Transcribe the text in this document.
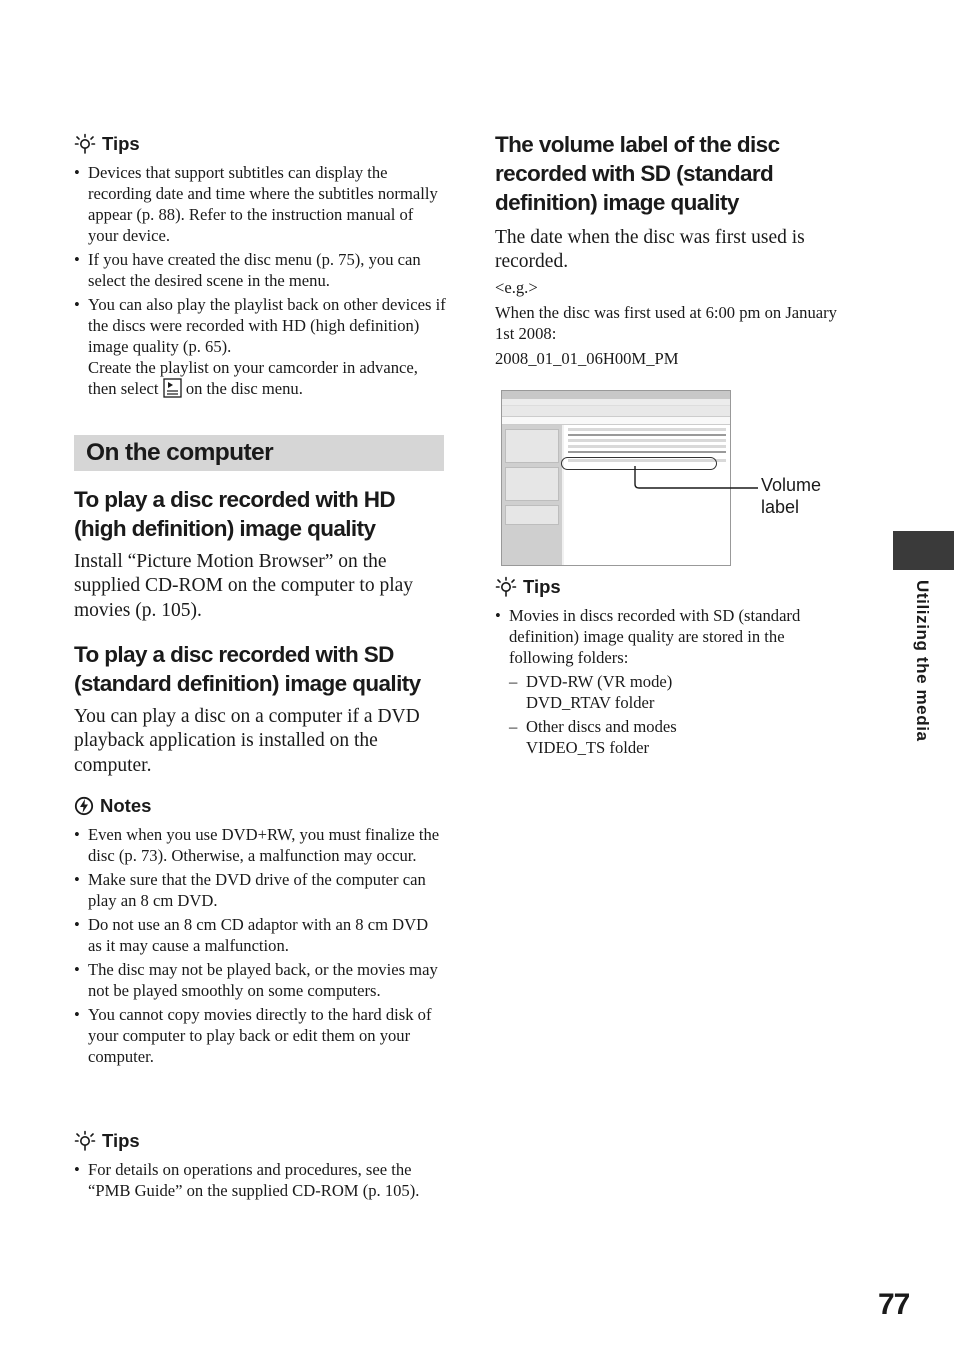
Tips
• Devices that support subtitles can display the recording date and time where the subtitles normally appear (p. 88). Refer to the instruction manual of your device.
• If you have created the disc menu (p. 75), you can select the desired scene in the menu.
• You can also play the playlist back on other devices if the discs were recorded with HD (high definition) image quality (p. 65).
Create the playlist on your camcorder in advance, then select on the disc menu.
On the computer
To play a disc recorded with HD (high definition) image quality
Install “Picture Motion Browser” on the supplied CD-ROM on the computer to play movies (p. 105).
To play a disc recorded with SD (standard definition) image quality
You can play a disc on a computer if a DVD playback application is installed on the computer.
Notes
• Even when you use DVD+RW, you must finalize the disc (p. 73). Otherwise, a malfunction may occur.
• Make sure that the DVD drive of the computer can play an 8 cm DVD.
• Do not use an 8 cm CD adaptor with an 8 cm DVD as it may cause a malfunction.
• The disc may not be played back, or the movies may not be played smoothly on some computers.
• You cannot copy movies directly to the hard disk of your computer to play back or edit them on your computer.
Tips
• For details on operations and procedures, see the “PMB Guide” on the supplied CD-ROM (p. 105).
The volume label of the disc recorded with SD (standard definition) image quality
The date when the disc was first used is recorded.
<e.g.>
When the disc was first used at 6:00 pm on January 1st 2008:
2008_01_01_06H00M_PM
Volume
label
Tips
• Movies in discs recorded with SD (standard definition) image quality are stored in the following folders:
– DVD-RW (VR mode)
DVD_RTAV folder
– Other discs and modes
VIDEO_TS folder
Utilizing the media
77
